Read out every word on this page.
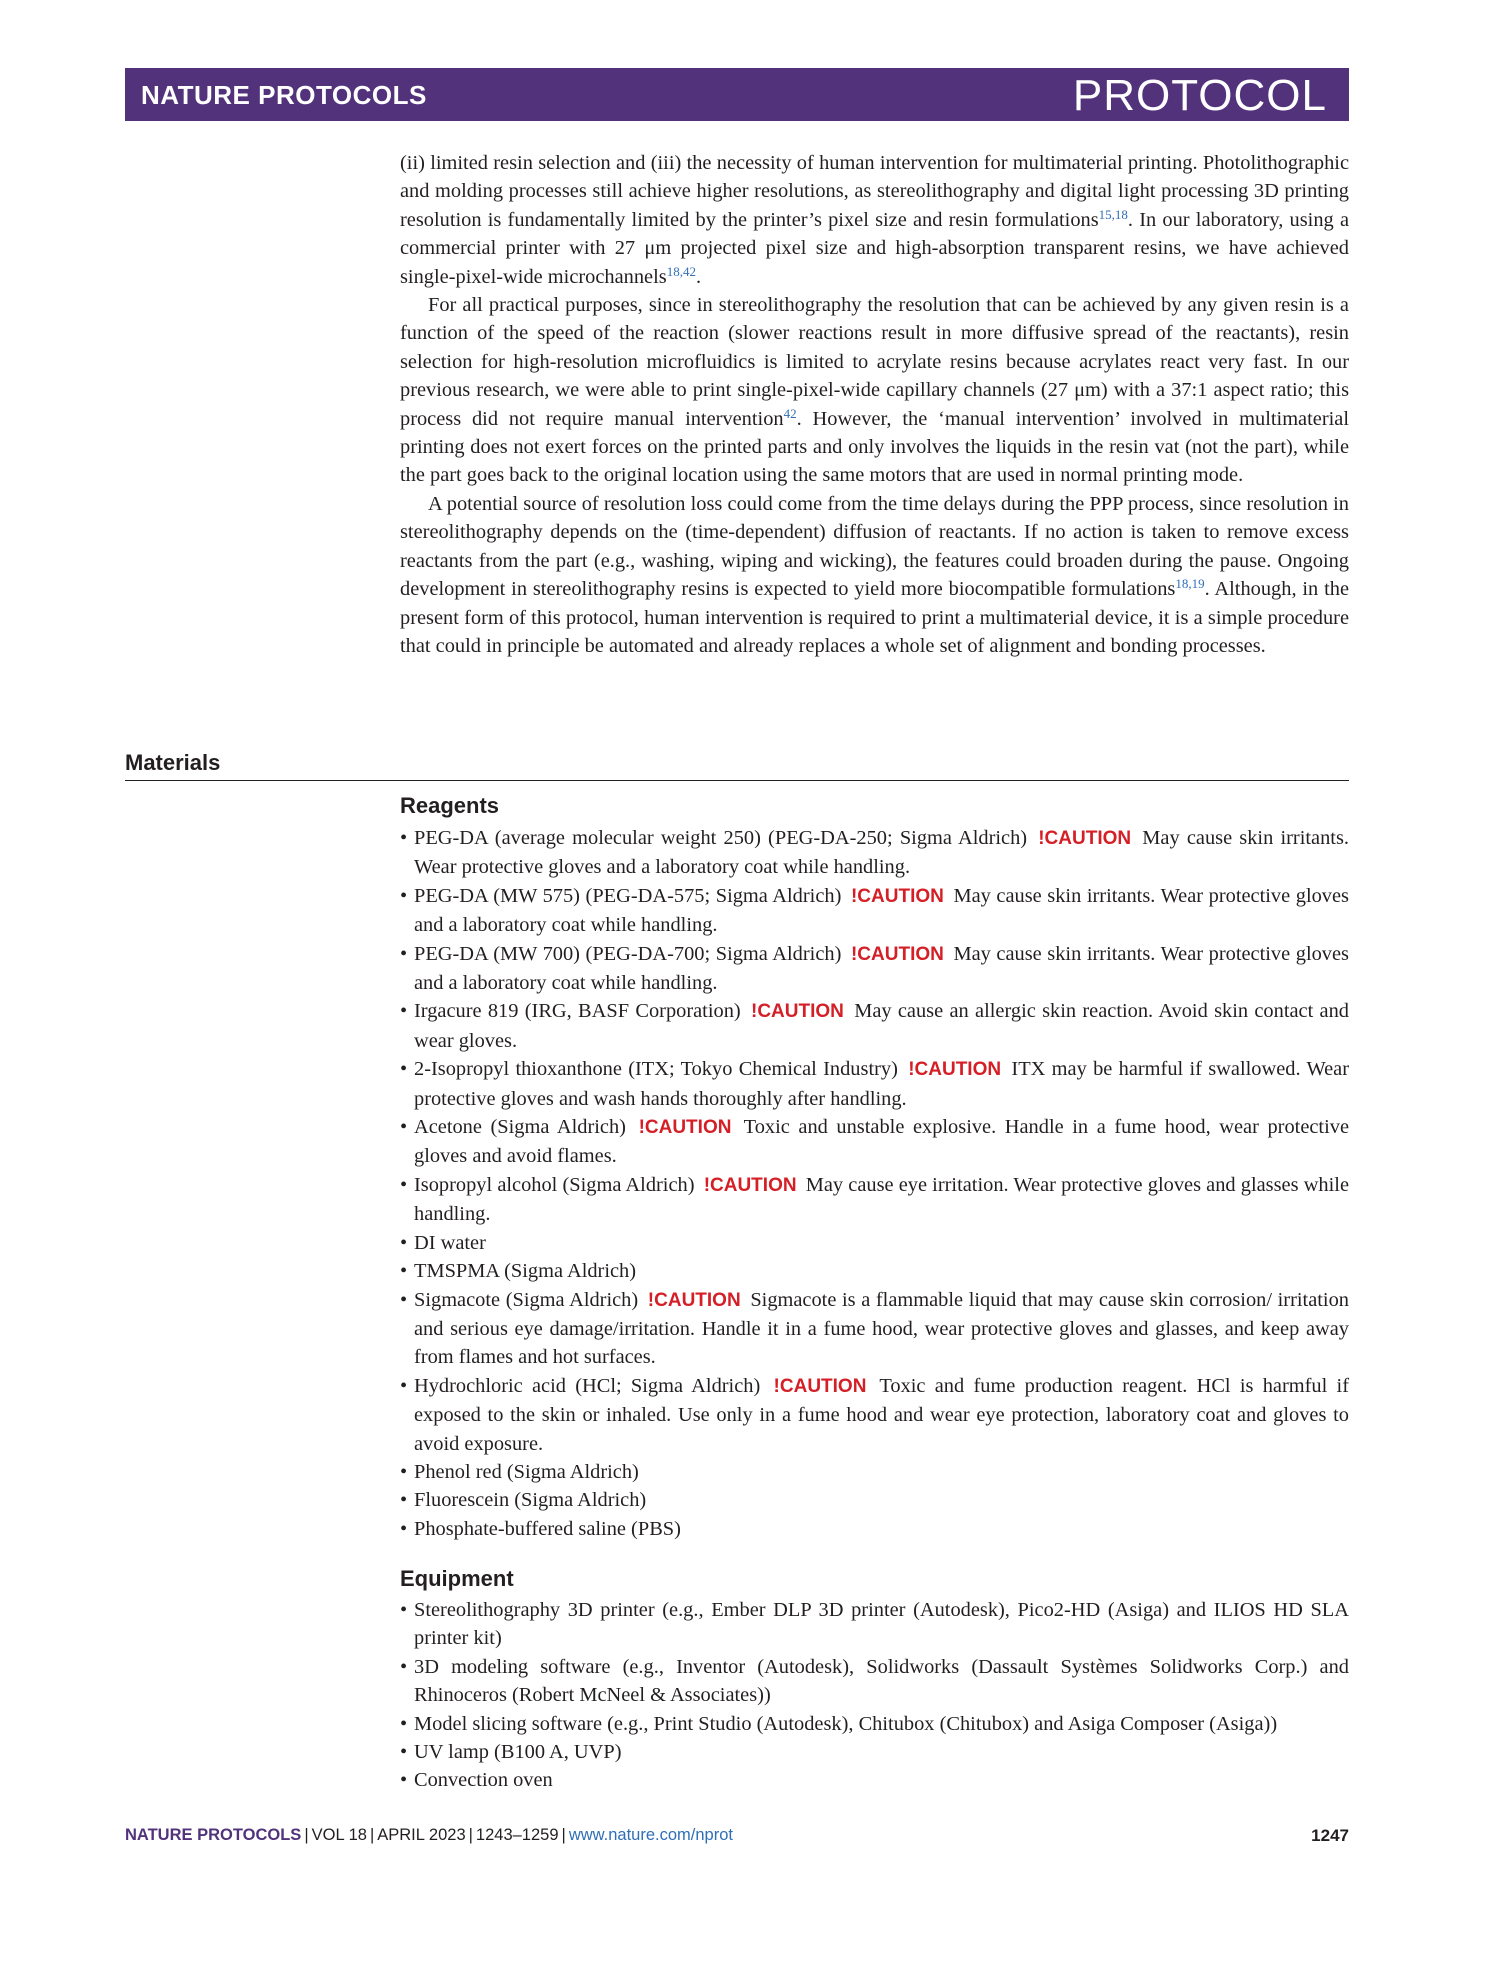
NATURE PROTOCOLS	PROTOCOL

(ii) limited resin selection and (iii) the necessity of human intervention for multimaterial printing. Photolithographic and molding processes still achieve higher resolutions, as stereolithography and digital light processing 3D printing resolution is fundamentally limited by the printer’s pixel size and resin formulations$^{15,18}$. In our laboratory, using a commercial printer with 27 μm projected pixel size and high-absorption transparent resins, we have achieved single-pixel-wide microchannels$^{18,42}$.

For all practical purposes, since in stereolithography the resolution that can be achieved by any given resin is a function of the speed of the reaction (slower reactions result in more diffusive spread of the reactants), resin selection for high-resolution microfluidics is limited to acrylate resins because acrylates react very fast. In our previous research, we were able to print single-pixel-wide capillary channels (27 μm) with a 37:1 aspect ratio; this process did not require manual intervention$^{42}$. However, the ‘manual intervention’ involved in multimaterial printing does not exert forces on the printed parts and only involves the liquids in the resin vat (not the part), while the part goes back to the original location using the same motors that are used in normal printing mode.

A potential source of resolution loss could come from the time delays during the PPP process, since resolution in stereolithography depends on the (time-dependent) diffusion of reactants. If no action is taken to remove excess reactants from the part (e.g., washing, wiping and wicking), the features could broaden during the pause. Ongoing development in stereolithography resins is expected to yield more biocompatible formulations$^{18,19}$. Although, in the present form of this protocol, human intervention is required to print a multimaterial device, it is a simple procedure that could in principle be automated and already replaces a whole set of alignment and bonding processes.

Materials
Reagents
• PEG-DA (average molecular weight 250) (PEG-DA-250; Sigma Aldrich) !CAUTION May cause skin irritants. Wear protective gloves and a laboratory coat while handling.
• PEG-DA (MW 575) (PEG-DA-575; Sigma Aldrich) !CAUTION May cause skin irritants. Wear protective gloves and a laboratory coat while handling.
• PEG-DA (MW 700) (PEG-DA-700; Sigma Aldrich) !CAUTION May cause skin irritants. Wear protective gloves and a laboratory coat while handling.
• Irgacure 819 (IRG, BASF Corporation) !CAUTION May cause an allergic skin reaction. Avoid skin contact and wear gloves.
• 2-Isopropyl thioxanthone (ITX; Tokyo Chemical Industry) !CAUTION ITX may be harmful if swallowed. Wear protective gloves and wash hands thoroughly after handling.
• Acetone (Sigma Aldrich) !CAUTION Toxic and unstable explosive. Handle in a fume hood, wear protective gloves and avoid flames.
• Isopropyl alcohol (Sigma Aldrich) !CAUTION May cause eye irritation. Wear protective gloves and glasses while handling.
• DI water
• TMSPMA (Sigma Aldrich)
• Sigmacote (Sigma Aldrich) !CAUTION Sigmacote is a flammable liquid that may cause skin corrosion/ irritation and serious eye damage/irritation. Handle it in a fume hood, wear protective gloves and glasses, and keep away from flames and hot surfaces.
• Hydrochloric acid (HCl; Sigma Aldrich) !CAUTION Toxic and fume production reagent. HCl is harmful if exposed to the skin or inhaled. Use only in a fume hood and wear eye protection, laboratory coat and gloves to avoid exposure.
• Phenol red (Sigma Aldrich)
• Fluorescein (Sigma Aldrich)
• Phosphate-buffered saline (PBS)
Equipment
• Stereolithography 3D printer (e.g., Ember DLP 3D printer (Autodesk), Pico2-HD (Asiga) and ILIOS HD SLA printer kit)
• 3D modeling software (e.g., Inventor (Autodesk), Solidworks (Dassault Systèmes Solidworks Corp.) and Rhinoceros (Robert McNeel & Associates))
• Model slicing software (e.g., Print Studio (Autodesk), Chitubox (Chitubox) and Asiga Composer (Asiga))
• UV lamp (B100 A, UVP)
• Convection oven
NATURE PROTOCOLS | VOL 18 | APRIL 2023 | 1243–1259 | www.nature.com/nprot	1247
